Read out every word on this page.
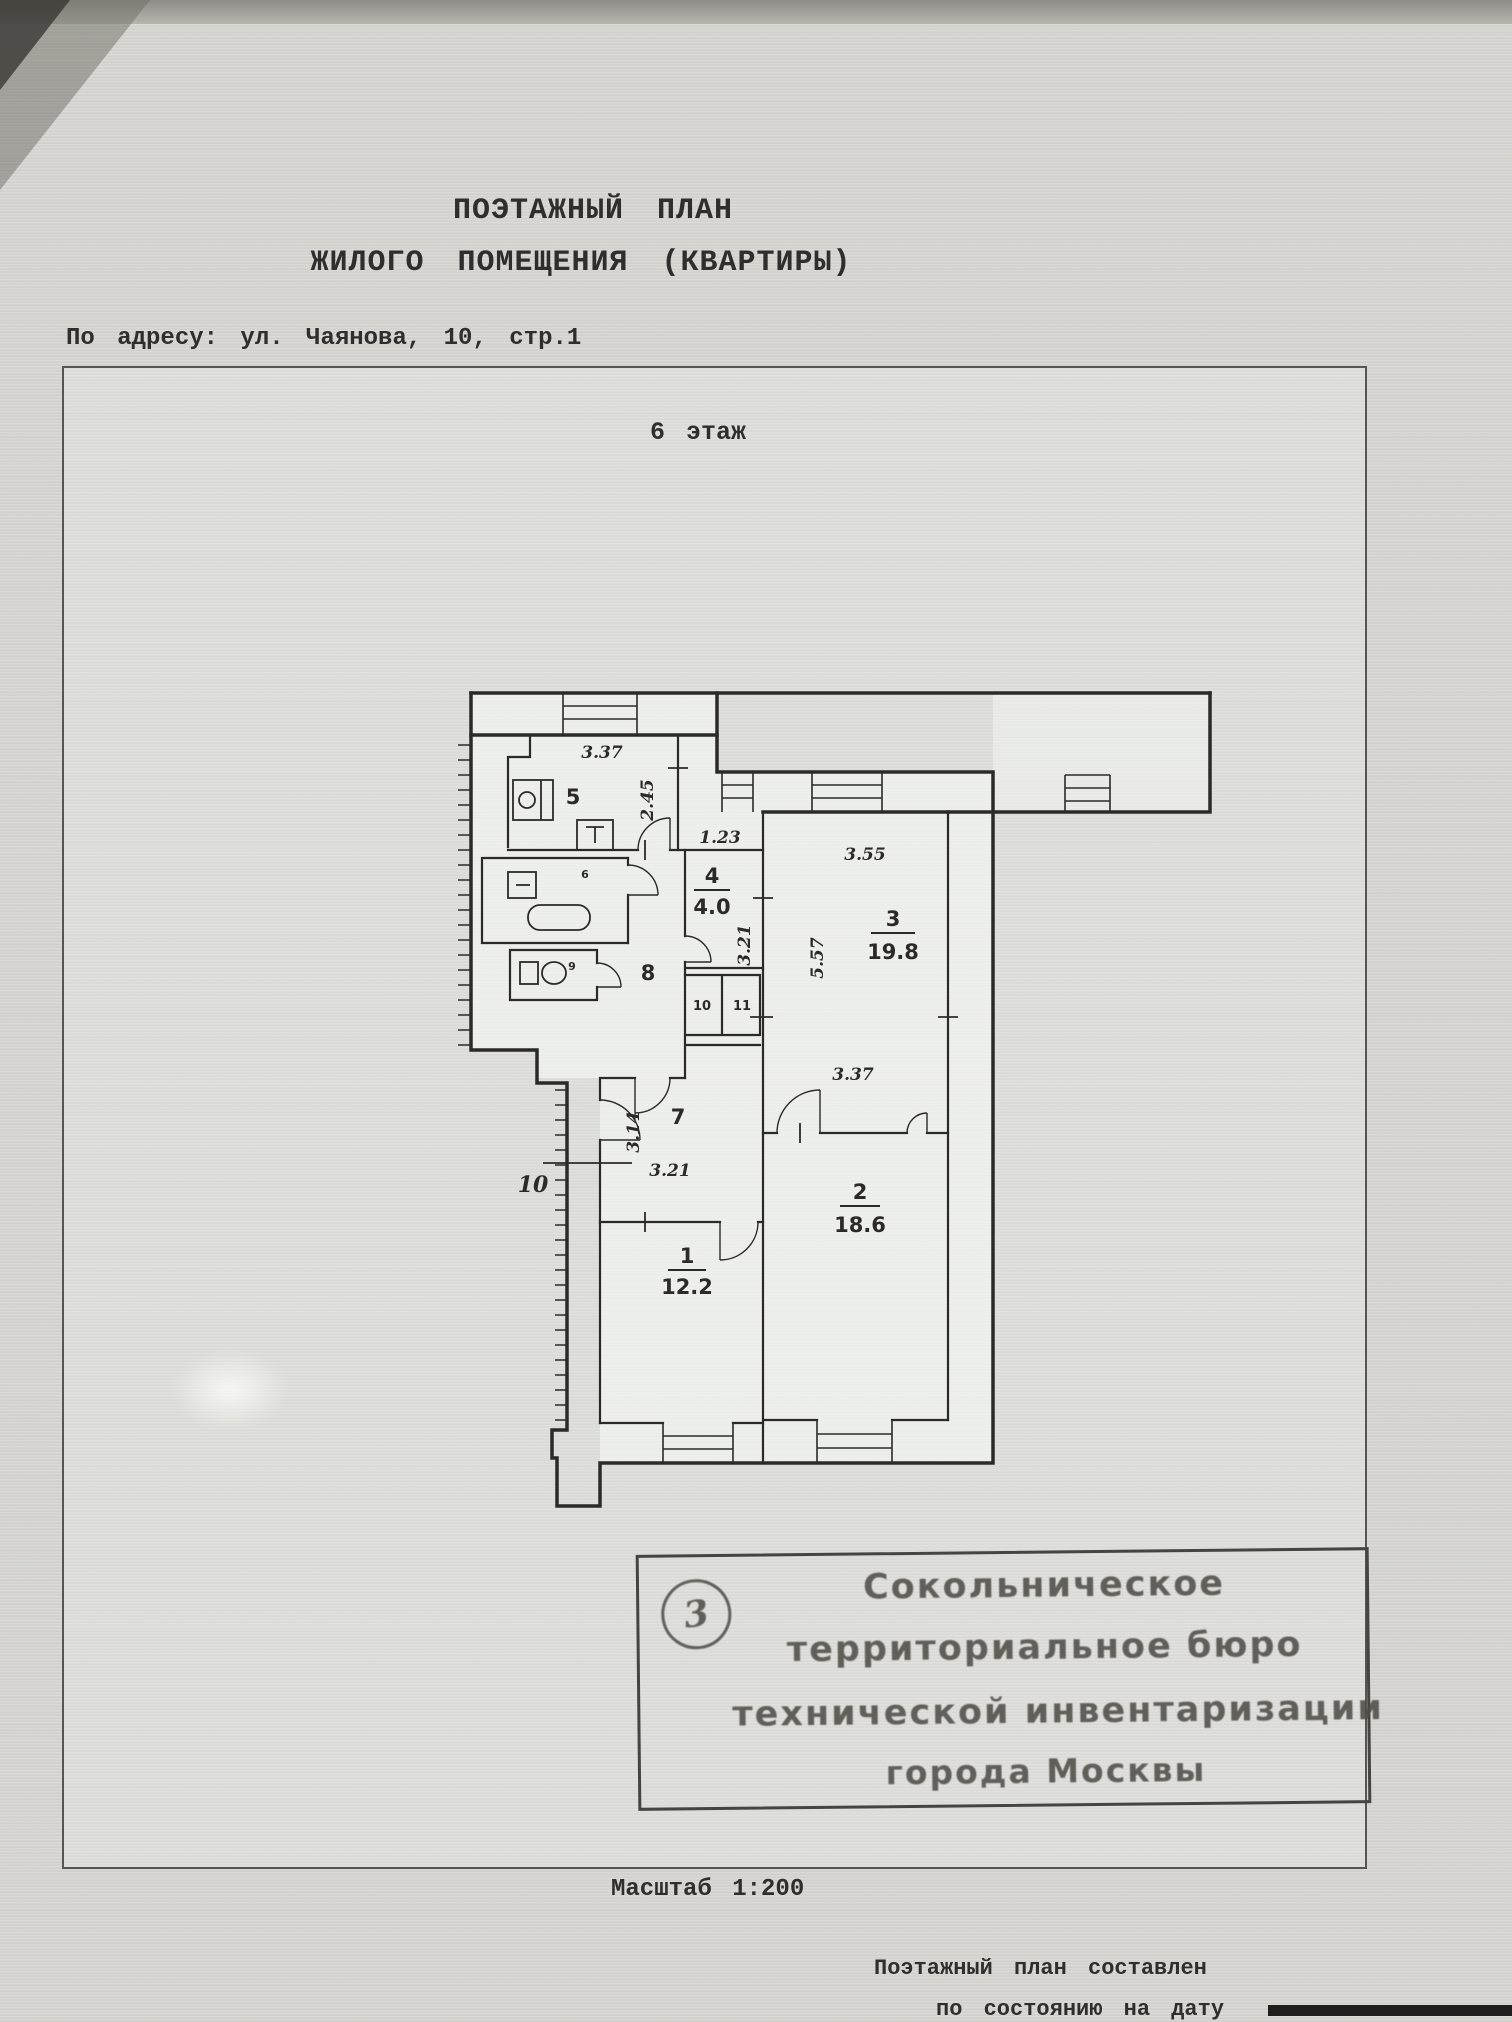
ПОЭТАЖНЫЙ ПЛАН
ЖИЛОГО ПОМЕЩЕНИЯ (КВАРТИРЫ)
По адресу: ул. Чаянова, 10, стр.1
6 этаж
3.37
2.45
1.23
3.55
5.57
3.21
3.37
3.14
3.21
10
5
6
9	8
10 11
7
4
4.0	3
19.8
2
18.6
1
12.2
3
Сокольническое
территориальное бюро
технической инвентаризации
города Москвы
Масштаб 1:200
Поэтажный план составлен
по состоянию на дату
